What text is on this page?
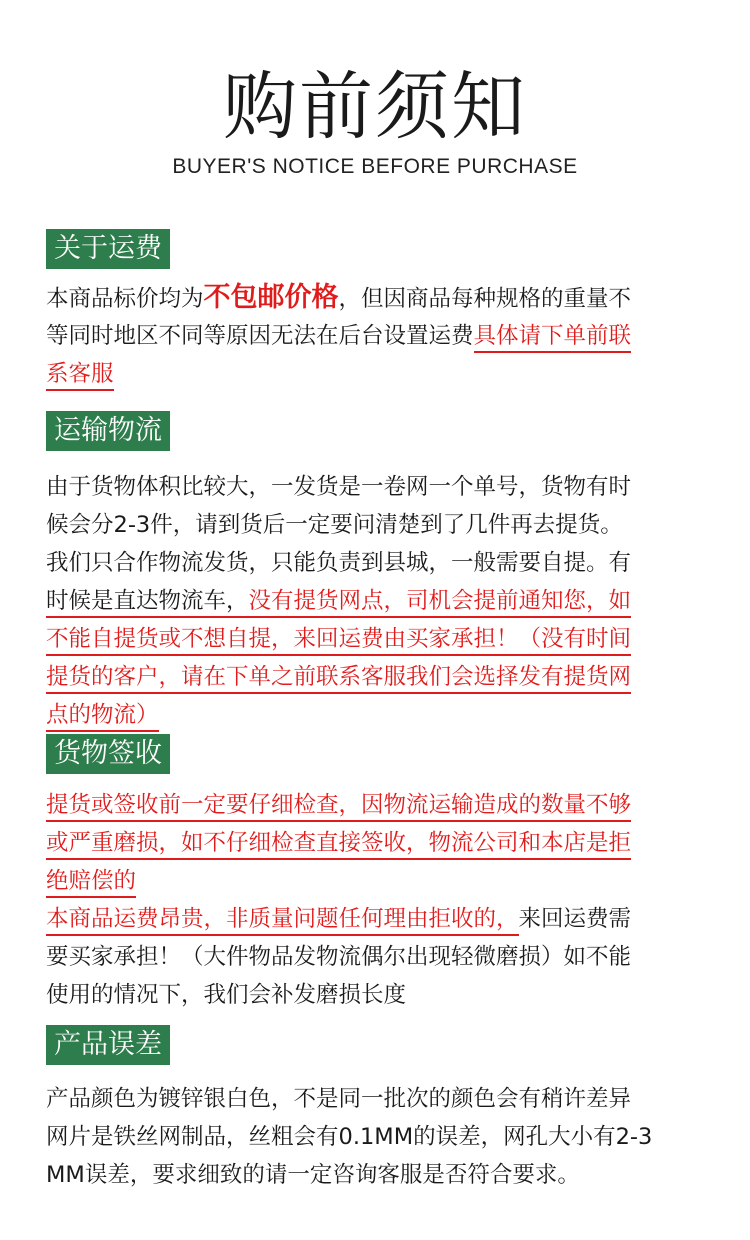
购前须知
BUYER'S NOTICE BEFORE PURCHASE
关于运费
本商品标价均为不包邮价格，但因商品每种规格的重量不
等同时地区不同等原因无法在后台设置运费具体请下单前联
系客服
运输物流
由于货物体积比较大，一发货是一卷网一个单号，货物有时
候会分2-3件，请到货后一定要问清楚到了几件再去提货。
我们只合作物流发货，只能负责到县城，一般需要自提。有
时候是直达物流车，没有提货网点，司机会提前通知您，如
不能自提货或不想自提，来回运费由买家承担！（没有时间
提货的客户，请在下单之前联系客服我们会选择发有提货网
点的物流）
货物签收
提货或签收前一定要仔细检查，因物流运输造成的数量不够
或严重磨损，如不仔细检查直接签收，物流公司和本店是拒
绝赔偿的
本商品运费昂贵，非质量问题任何理由拒收的，来回运费需
要买家承担！（大件物品发物流偶尔出现轻微磨损）如不能
使用的情况下，我们会补发磨损长度
产品误差
产品颜色为镀锌银白色，不是同一批次的颜色会有稍许差异
网片是铁丝网制品，丝粗会有0.1MM的误差，网孔大小有2-3
MM误差，要求细致的请一定咨询客服是否符合要求。
